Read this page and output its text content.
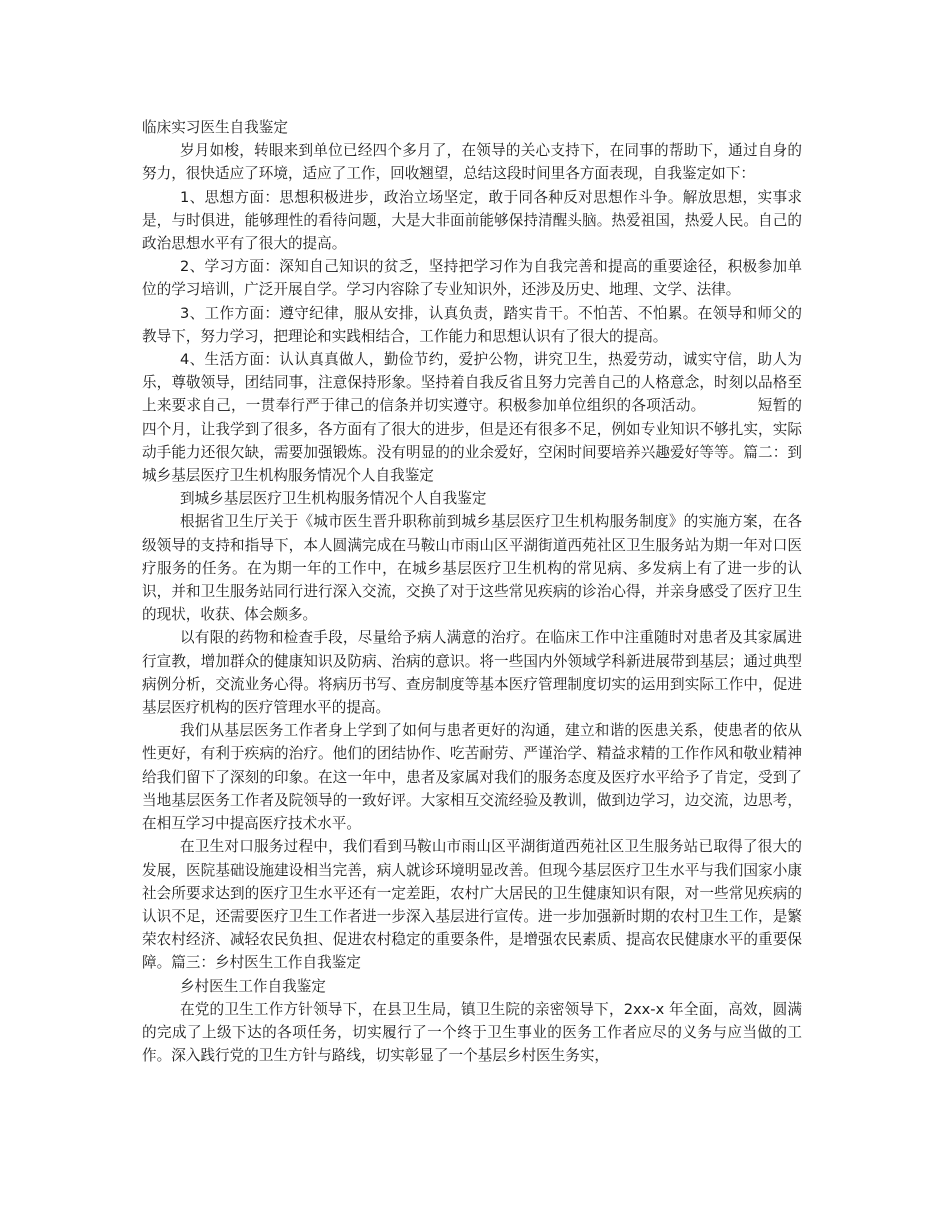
临床实习医生自我鉴定

岁月如梭，转眼来到单位已经四个多月了，在领导的关心支持下，在同事的帮助下，通过自身的努力，很快适应了环境，适应了工作，回收翘望，总结这段时间里各方面表现，自我鉴定如下：

1、思想方面：思想积极进步，政治立场坚定，敢于同各种反对思想作斗争。解放思想，实事求是，与时俱进，能够理性的看待问题，大是大非面前能够保持清醒头脑。热爱祖国，热爱人民。自己的政治思想水平有了很大的提高。

2、学习方面：深知自己知识的贫乏，坚持把学习作为自我完善和提高的重要途径，积极参加单位的学习培训，广泛开展自学。学习内容除了专业知识外，还涉及历史、地理、文学、法律。

3、工作方面：遵守纪律，服从安排，认真负责，踏实肯干。不怕苦、不怕累。在领导和师父的教导下，努力学习，把理论和实践相结合，工作能力和思想认识有了很大的提高。

4、生活方面：认认真真做人，勤俭节约，爱护公物，讲究卫生，热爱劳动，诚实守信，助人为乐，尊敬领导，团结同事，注意保持形象。坚持着自我反省且努力完善自己的人格意念，时刻以品格至上来要求自己，一贯奉行严于律己的信条并切实遵守。积极参加单位组织的各项活动。	短暂的四个月，让我学到了很多，各方面有了很大的进步，但是还有很多不足，例如专业知识不够扎实，实际动手能力还很欠缺，需要加强锻炼。没有明显的的业余爱好，空闲时间要培养兴趣爱好等等。篇二：到城乡基层医疗卫生机构服务情况个人自我鉴定

到城乡基层医疗卫生机构服务情况个人自我鉴定

根据省卫生厅关于《城市医生晋升职称前到城乡基层医疗卫生机构服务制度》的实施方案，在各级领导的支持和指导下，本人圆满完成在马鞍山市雨山区平湖街道西苑社区卫生服务站为期一年对口医疗服务的任务。在为期一年的工作中，在城乡基层医疗卫生机构的常见病、多发病上有了进一步的认识，并和卫生服务站同行进行深入交流，交换了对于这些常见疾病的诊治心得，并亲身感受了医疗卫生的现状，收获、体会颇多。

以有限的药物和检查手段，尽量给予病人满意的治疗。在临床工作中注重随时对患者及其家属进行宣教，增加群众的健康知识及防病、治病的意识。将一些国内外领域学科新进展带到基层；通过典型病例分析，交流业务心得。将病历书写、查房制度等基本医疗管理制度切实的运用到实际工作中，促进基层医疗机构的医疗管理水平的提高。

我们从基层医务工作者身上学到了如何与患者更好的沟通，建立和谐的医患关系，使患者的依从性更好，有利于疾病的治疗。他们的团结协作、吃苦耐劳、严谨治学、精益求精的工作作风和敬业精神给我们留下了深刻的印象。在这一年中，患者及家属对我们的服务态度及医疗水平给予了肯定，受到了当地基层医务工作者及院领导的一致好评。大家相互交流经验及教训，做到边学习，边交流，边思考，在相互学习中提高医疗技术水平。

在卫生对口服务过程中，我们看到马鞍山市雨山区平湖街道西苑社区卫生服务站已取得了很大的发展，医院基础设施建设相当完善，病人就诊环境明显改善。但现今基层医疗卫生水平与我们国家小康社会所要求达到的医疗卫生水平还有一定差距，农村广大居民的卫生健康知识有限，对一些常见疾病的认识不足，还需要医疗卫生工作者进一步深入基层进行宣传。进一步加强新时期的农村卫生工作，是繁荣农村经济、减轻农民负担、促进农村稳定的重要条件，是增强农民素质、提高农民健康水平的重要保障。篇三：乡村医生工作自我鉴定

乡村医生工作自我鉴定

在党的卫生工作方针领导下，在县卫生局，镇卫生院的亲密领导下，2xx-x 年全面，高效，圆满的完成了上级下达的各项任务，切实履行了一个终于卫生事业的医务工作者应尽的义务与应当做的工作。深入践行党的卫生方针与路线，切实彰显了一个基层乡村医生务实，
